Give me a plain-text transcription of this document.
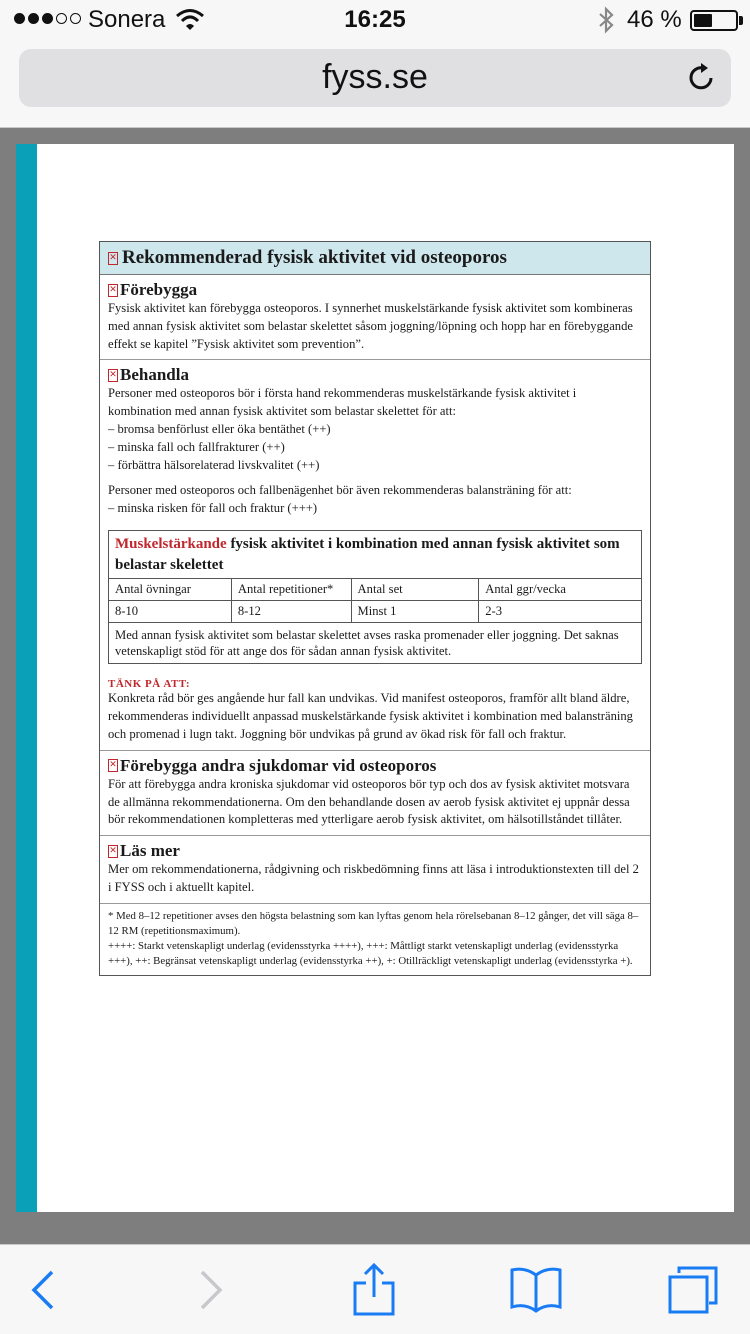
Sonera	16:25	46 %
fyss.se
✕ Rekommenderad fysisk aktivitet vid osteoporos
✕ Förebygga

Fysisk aktivitet kan förebygga osteoporos. I synnerhet muskelstärkande fysisk aktivitet som kombineras med annan fysisk aktivitet som belastar skelettet såsom joggning/löpning och hopp har en förebyggande effekt se kapitel ”Fysisk aktivitet som prevention”.

✕ Behandla

Personer med osteoporos bör i första hand rekommenderas muskelstärkande fysisk aktivitet i kombination med annan fysisk aktivitet som belastar skelettet för att:

– bromsa benförlust eller öka bentäthet (++)

– minska fall och fallfrakturer (++)

– förbättra hälsorelaterad livskvalitet (++)

Personer med osteoporos och fallbenägenhet bör även rekommenderas balansträning för att:

– minska risken för fall och fraktur (+++)

Muskelstärkande fysisk aktivitet i kombination med annan fysisk aktivitet som belastar skelettet
Antal övningar	Antal repetitioner*	Antal set	Antal ggr/vecka
8-10	8-12	Minst 1	2-3
Med annan fysisk aktivitet som belastar skelettet avses raska promenader eller joggning. Det saknas vetenskapligt stöd för att ange dos för sådan annan fysisk aktivitet.
TÄNK PÅ ATT:

Konkreta råd bör ges angående hur fall kan undvikas. Vid manifest osteoporos, framför allt bland äldre, rekommenderas individuellt anpassad muskelstärkande fysisk aktivitet i kombination med balansträning och promenad i lugn takt. Joggning bör undvikas på grund av ökad risk för fall och fraktur.

✕ Förebygga andra sjukdomar vid osteoporos

För att förebygga andra kroniska sjukdomar vid osteoporos bör typ och dos av fysisk aktivitet motsvara de allmänna rekommendationerna. Om den behandlande dosen av aerob fysisk aktivitet ej uppnår dessa bör rekommendationen kompletteras med ytterligare aerob fysisk aktivitet, om hälsotillståndet tillåter.

✕ Läs mer

Mer om rekommendationerna, rådgivning och riskbedömning finns att läsa i introduktionstexten till del 2 i FYSS och i aktuellt kapitel.

* Med 8–12 repetitioner avses den högsta belastning som kan lyftas genom hela rörelsebanan 8–12 gånger, det vill säga 8–12 RM (repetitionsmaximum).

++++: Starkt vetenskapligt underlag (evidensstyrka ++++), +++: Måttligt starkt vetenskapligt underlag (evidensstyrka +++), ++: Begränsat vetenskapligt underlag (evidensstyrka ++), +: Otillräckligt vetenskapligt underlag (evidensstyrka +).
